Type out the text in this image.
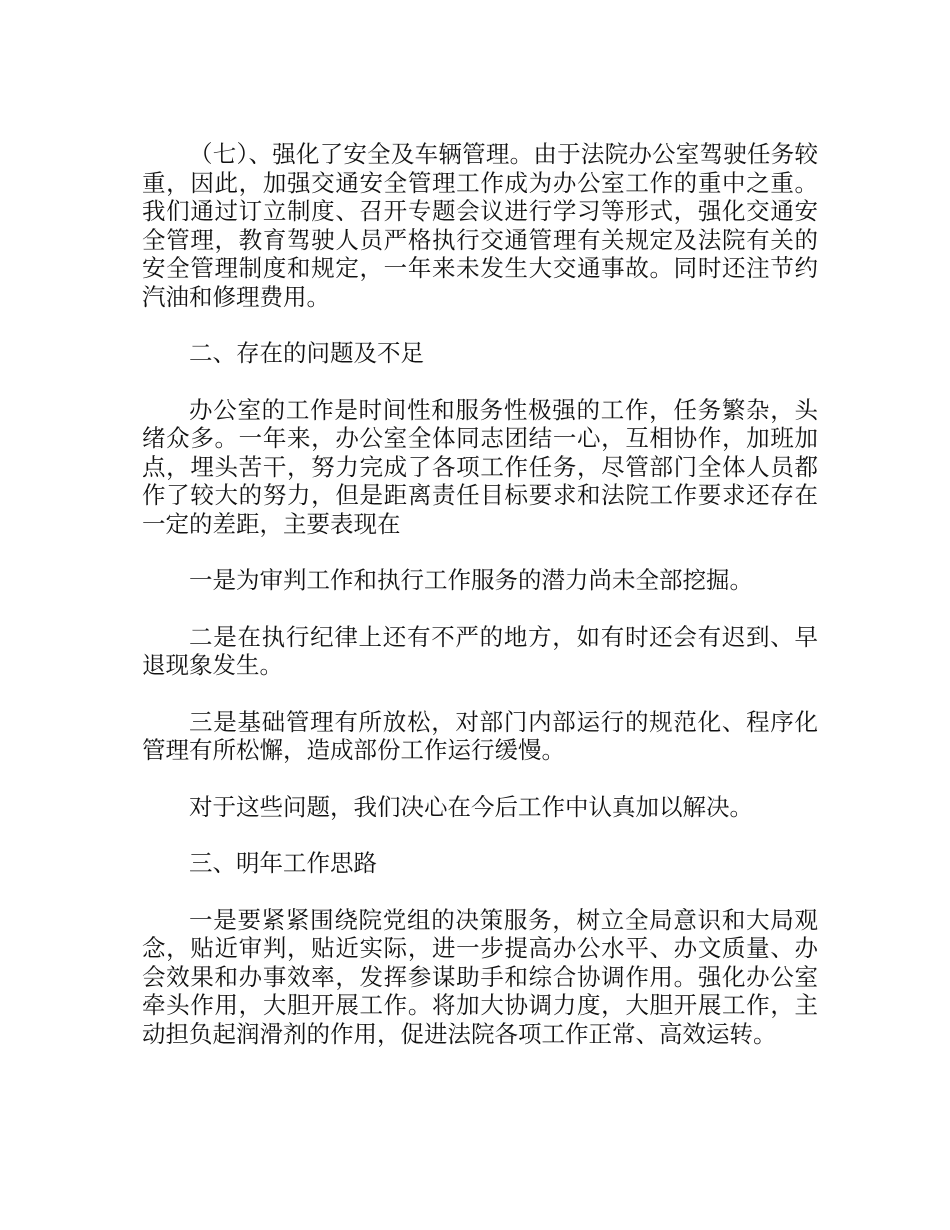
（七）、强化了安全及车辆管理。由于法院办公室驾驶任务较重，因此，加强交通安全管理工作成为办公室工作的重中之重。我们通过订立制度、召开专题会议进行学习等形式，强化交通安全管理，教育驾驶人员严格执行交通管理有关规定及法院有关的安全管理制度和规定，一年来未发生大交通事故。同时还注节约汽油和修理费用。

二、存在的问题及不足

办公室的工作是时间性和服务性极强的工作，任务繁杂，头绪众多。一年来，办公室全体同志团结一心，互相协作，加班加点，埋头苦干，努力完成了各项工作任务，尽管部门全体人员都作了较大的努力，但是距离责任目标要求和法院工作要求还存在一定的差距，主要表现在

一是为审判工作和执行工作服务的潜力尚未全部挖掘。

二是在执行纪律上还有不严的地方，如有时还会有迟到、早退现象发生。

三是基础管理有所放松，对部门内部运行的规范化、程序化管理有所松懈，造成部份工作运行缓慢。

对于这些问题，我们决心在今后工作中认真加以解决。

三、明年工作思路

一是要紧紧围绕院党组的决策服务，树立全局意识和大局观念，贴近审判，贴近实际，进一步提高办公水平、办文质量、办会效果和办事效率，发挥参谋助手和综合协调作用。强化办公室牵头作用，大胆开展工作。将加大协调力度，大胆开展工作，主动担负起润滑剂的作用，促进法院各项工作正常、高效运转。
